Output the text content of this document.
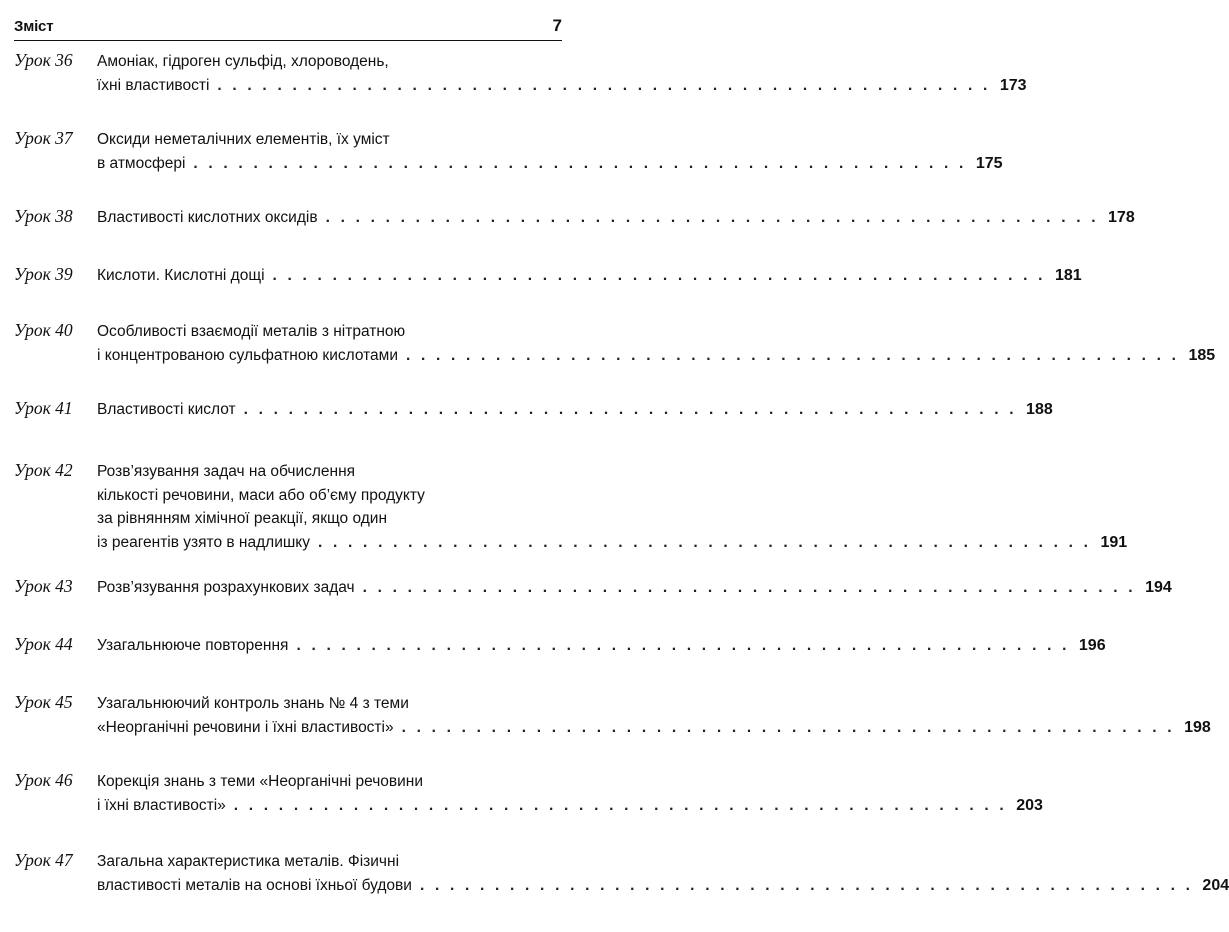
Зміст	7
Урок 36 Амоніак, гідроген сульфід, хлороводень,
їхні властивості . . . . . . . . . . . . . . . . . . . . . . . . . . . . . . . . . . . . . . . . . . . . . . . . . . . . 173
Урок 37 Оксиди неметалічних елементів, їх уміст
в атмосфері . . . . . . . . . . . . . . . . . . . . . . . . . . . . . . . . . . . . . . . . . . . . . . . . . . . . 175
Урок 38 Властивості кислотних оксидів . . . . . . . . . . . . . . . . . . . . . . . . . . . . . . . . . . . . . . . . . . . . . . . . . . . . 178
Урок 39 Кислоти. Кислотні дощі . . . . . . . . . . . . . . . . . . . . . . . . . . . . . . . . . . . . . . . . . . . . . . . . . . . . 181
Урок 40 Особливості взаємодії металів з нітратною
і концентрованою сульфатною кислотами . . . . . . . . . . . . . . . . . . . . . . . . . . . . . . . . . . . . . . . . . . . . . . . . . . . . 185
Урок 41 Властивості кислот . . . . . . . . . . . . . . . . . . . . . . . . . . . . . . . . . . . . . . . . . . . . . . . . . . . . 188
Урок 42 Розв’язування задач на обчислення
кількості речовини, маси або об’єму продукту
за рівнянням хімічної реакції, якщо один
із реагентів узято в надлишку . . . . . . . . . . . . . . . . . . . . . . . . . . . . . . . . . . . . . . . . . . . . . . . . . . . . 191
Урок 43 Розв’язування розрахункових задач . . . . . . . . . . . . . . . . . . . . . . . . . . . . . . . . . . . . . . . . . . . . . . . . . . . . 194
Урок 44 Узагальнююче повторення . . . . . . . . . . . . . . . . . . . . . . . . . . . . . . . . . . . . . . . . . . . . . . . . . . . . 196
Урок 45 Узагальнюючий контроль знань № 4 з теми
«Неорганічні речовини і їхні властивості» . . . . . . . . . . . . . . . . . . . . . . . . . . . . . . . . . . . . . . . . . . . . . . . . . . . . 198
Урок 46 Корекція знань з теми «Неорганічні речовини
і їхні властивості» . . . . . . . . . . . . . . . . . . . . . . . . . . . . . . . . . . . . . . . . . . . . . . . . . . . . 203
Урок 47 Загальна характеристика металів. Фізичні
властивості металів на основі їхньої будови . . . . . . . . . . . . . . . . . . . . . . . . . . . . . . . . . . . . . . . . . . . . . . . . . . . . 204
